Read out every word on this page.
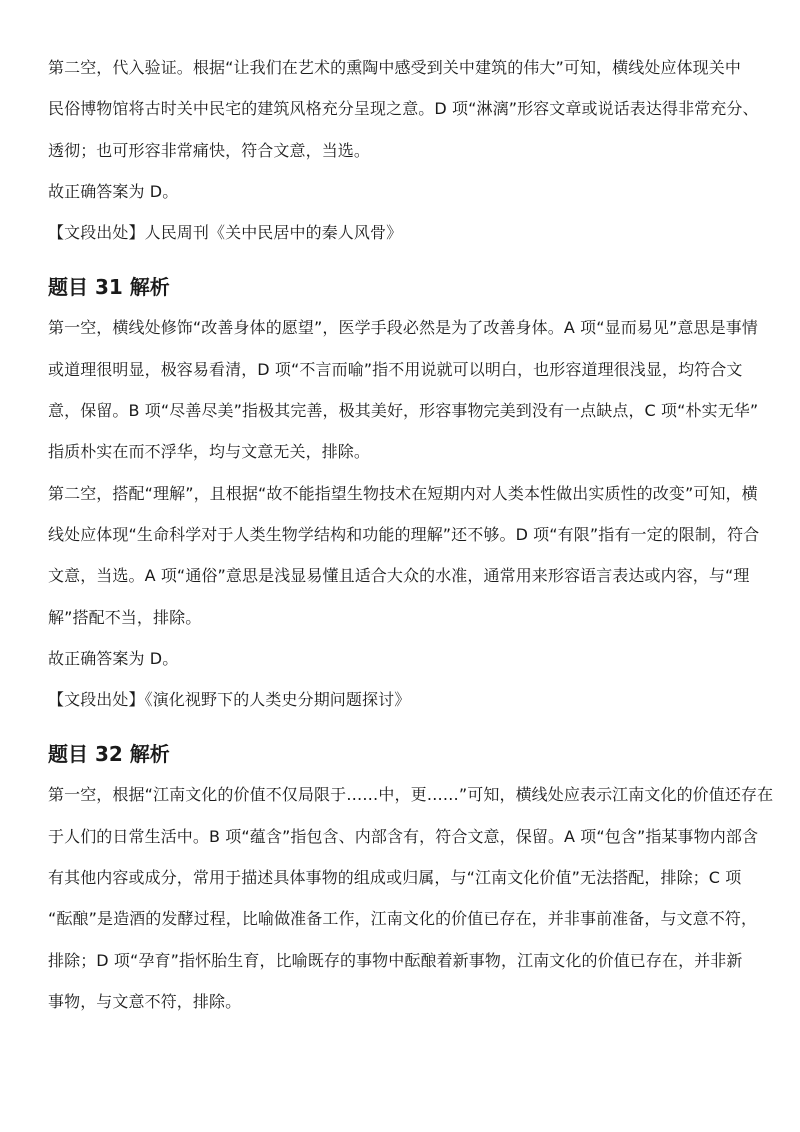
第二空，代入验证。根据“让我们在艺术的熏陶中感受到关中建筑的伟大”可知，横线处应体现关中
民俗博物馆将古时关中民宅的建筑风格充分呈现之意。D 项“淋漓”形容文章或说话表达得非常充分、
透彻；也可形容非常痛快，符合文意，当选。
故正确答案为 D。
【文段出处】人民周刊《关中民居中的秦人风骨》
题目 31 解析
第一空，横线处修饰“改善身体的愿望”，医学手段必然是为了改善身体。A 项“显而易见”意思是事情
或道理很明显，极容易看清，D 项“不言而喻”指不用说就可以明白，也形容道理很浅显，均符合文
意，保留。B 项“尽善尽美”指极其完善，极其美好，形容事物完美到没有一点缺点，C 项“朴实无华”
指质朴实在而不浮华，均与文意无关，排除。
第二空，搭配“理解”，且根据“故不能指望生物技术在短期内对人类本性做出实质性的改变”可知，横
线处应体现“生命科学对于人类生物学结构和功能的理解”还不够。D 项“有限”指有一定的限制，符合
文意，当选。A 项“通俗”意思是浅显易懂且适合大众的水准，通常用来形容语言表达或内容，与“理
解”搭配不当，排除。
故正确答案为 D。
【文段出处】《演化视野下的人类史分期问题探讨》
题目 32 解析
第一空，根据“江南文化的价值不仅局限于……中，更……”可知，横线处应表示江南文化的价值还存在
于人们的日常生活中。B 项“蕴含”指包含、内部含有，符合文意，保留。A 项“包含”指某事物内部含
有其他内容或成分，常用于描述具体事物的组成或归属，与“江南文化价值”无法搭配，排除；C 项
“酝酿”是造酒的发酵过程，比喻做准备工作，江南文化的价值已存在，并非事前准备，与文意不符，
排除；D 项“孕育”指怀胎生育，比喻既存的事物中酝酿着新事物，江南文化的价值已存在，并非新
事物，与文意不符，排除。
